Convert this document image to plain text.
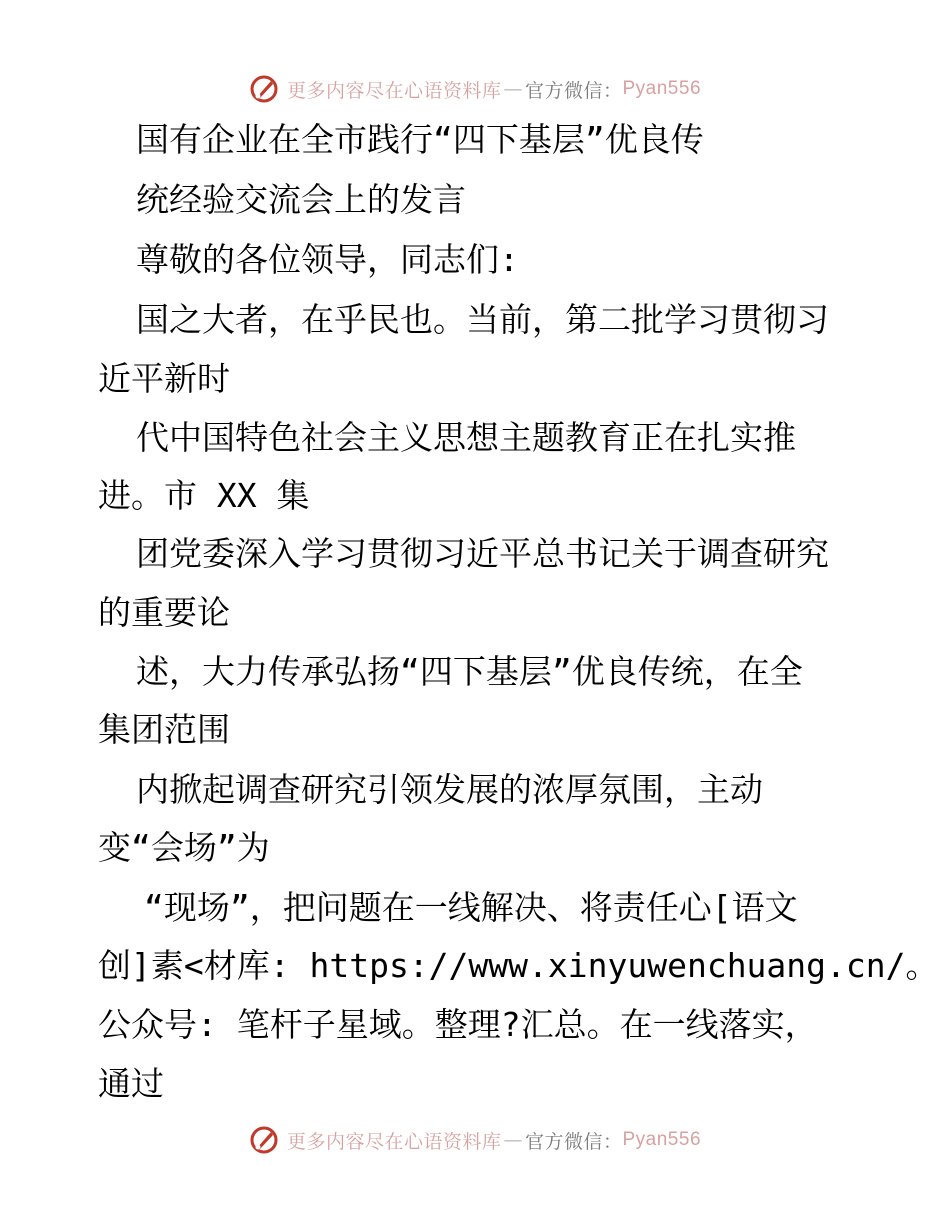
更多内容尽在心语资料库 — 官方微信： Pyan556
国有企业在全市践行“四下基层”优良传
统经验交流会上的发言
尊敬的各位领导，同志们:
国之大者，在乎民也。当前，第二批学习贯彻习
近平新时
代中国特色社会主义思想主题教育正在扎实推
进。市 XX 集
团党委深入学习贯彻习近平总书记关于调查研究
的重要论
述，大力传承弘扬“四下基层”优良传统，在全
集团范围
内掀起调查研究引领发展的浓厚氛围，主动
变“会场”为
“现场”，把问题在一线解决、将责任心[语文
创]素<材库: https://www.xinyuwenchuang.cn/。
公众号: 笔杆子星域。整理?汇总。在一线落实，
通过
更多内容尽在心语资料库 — 官方微信： Pyan556
